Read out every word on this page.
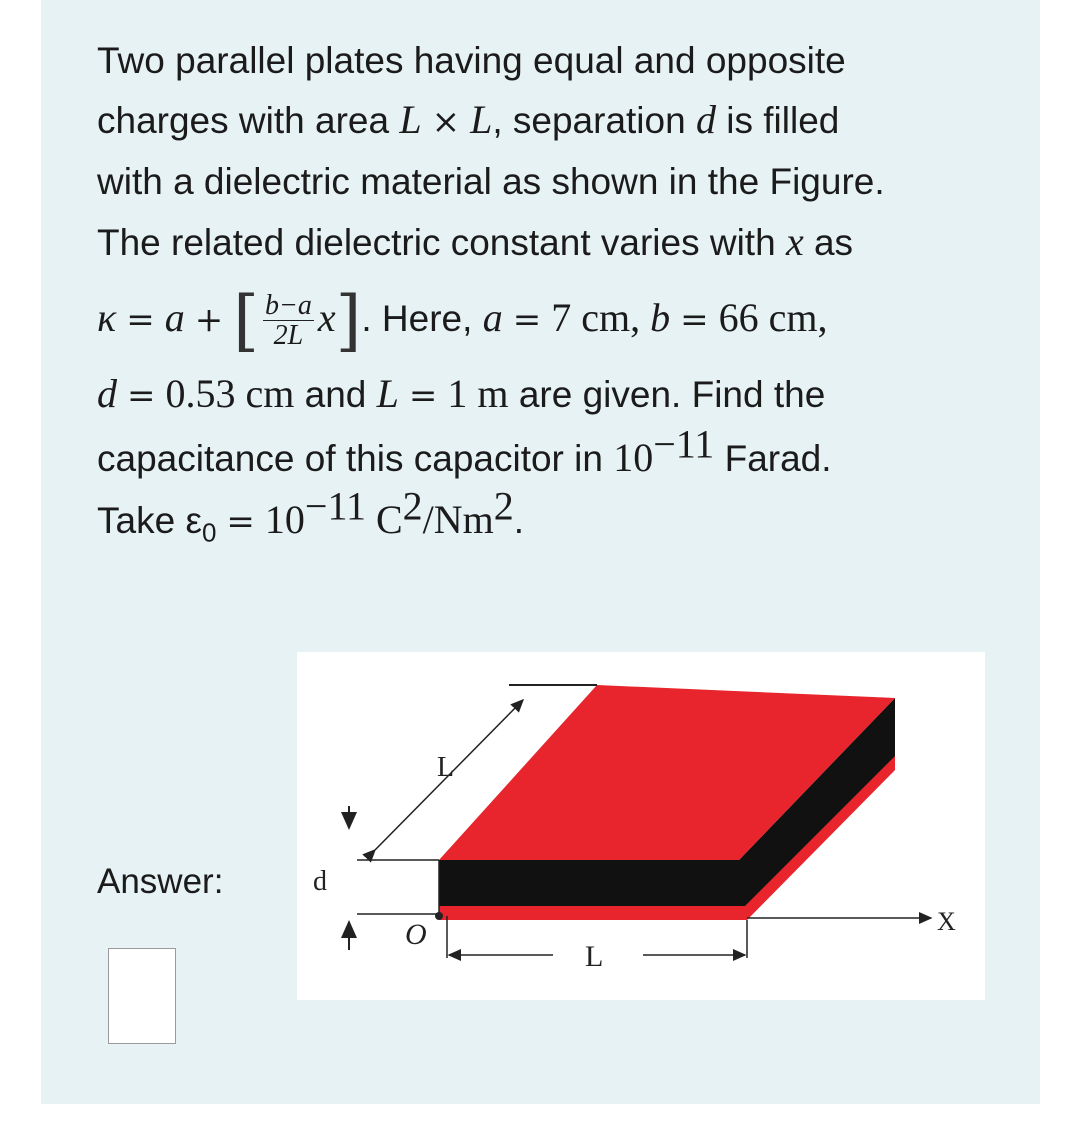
Two parallel plates having equal and opposite
charges with area L × L, separation d is filled
with a dielectric material as shown in the Figure.
The related dielectric constant varies with x as
κ = a + [ $\frac{b-a}{2L} x$]. Here, a = 7 cm, b = 66 cm,
d = 0.53 cm and L = 1 m are given. Find the
capacitance of this capacitor in $10^{-11}$ Farad.
Take $\varepsilon_0 = 10^{-11}$ $C^2/Nm^2$.
L
d
O	X
L
Answer:
